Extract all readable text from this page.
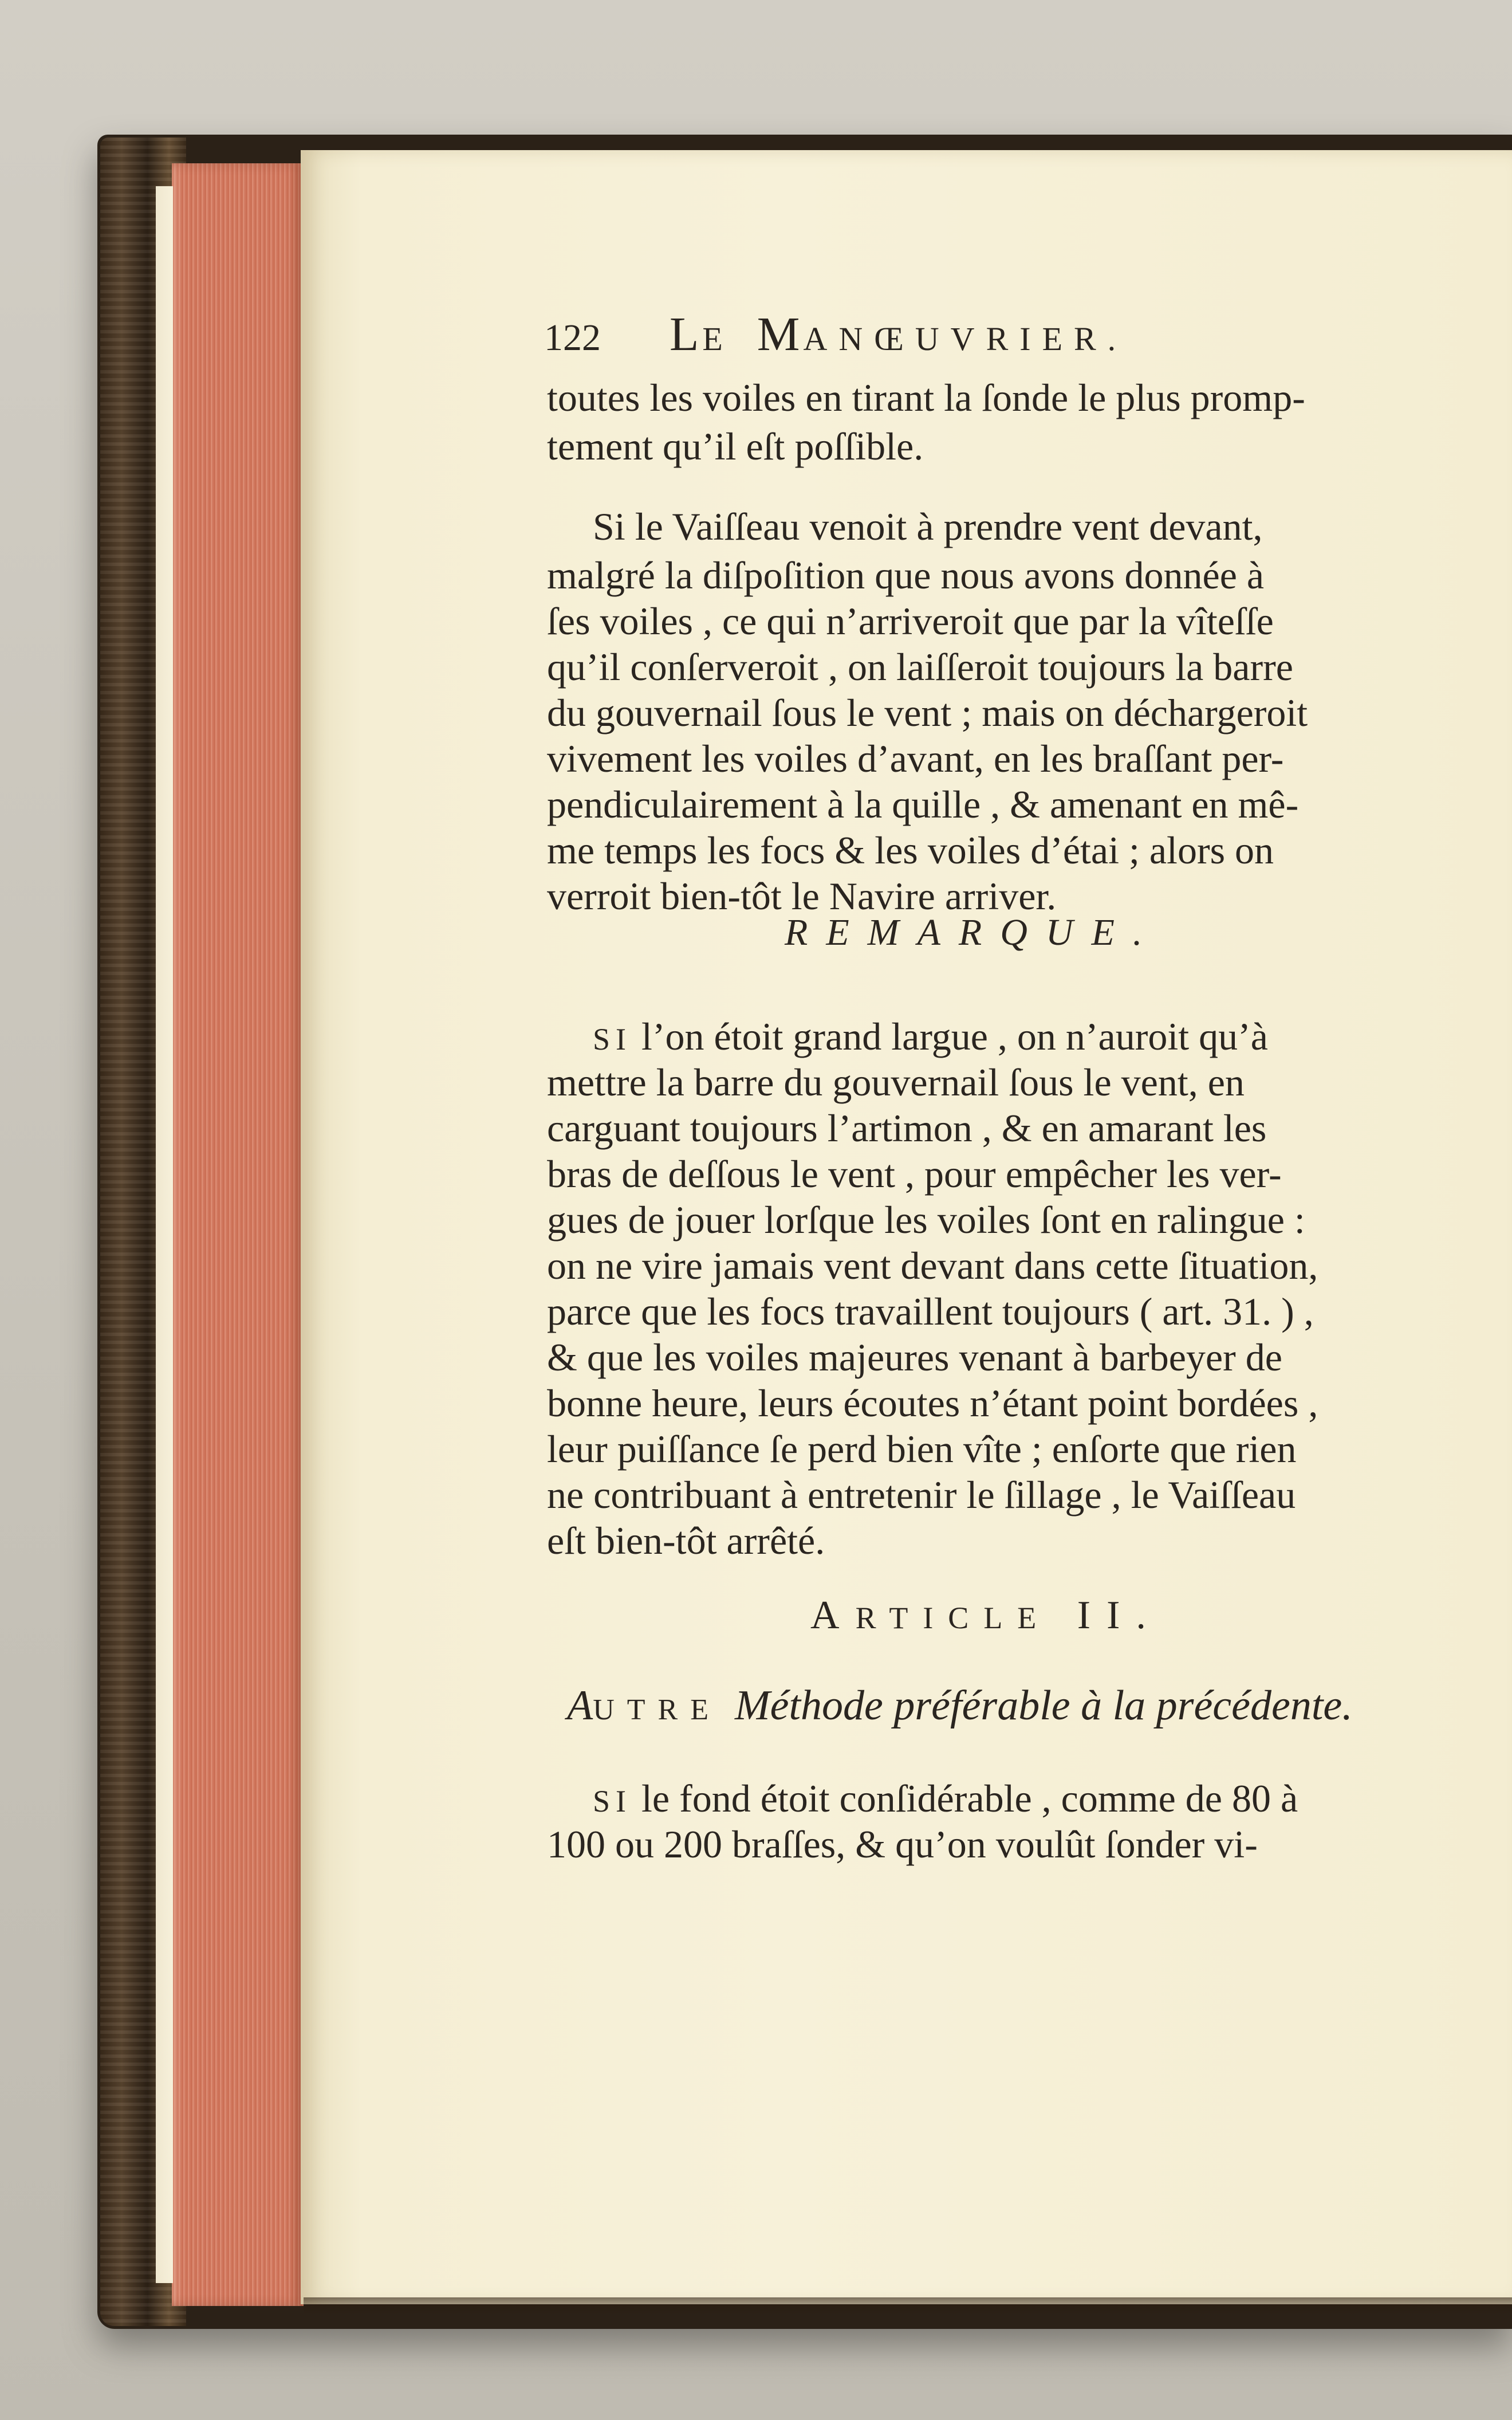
122 LE MANŒUVRIER.
toutes les voiles en tirant la ſonde le plus promp-
tement qu’il eſt poſſible.
Si le Vaiſſeau venoit à prendre vent devant,
malgré la diſpoſition que nous avons donnée à
ſes voiles , ce qui n’arriveroit que par la vîteſſe
qu’il conſerveroit , on laiſſeroit toujours la barre
du gouvernail ſous le vent ; mais on déchargeroit
vivement les voiles d’avant, en les braſſant per-
pendiculairement à la quille , & amenant en mê-
me temps les focs & les voiles d’étai ; alors on
verroit bien-tôt le Navire arriver.
REMARQUE.
SI l’on étoit grand largue , on n’auroit qu’à
mettre la barre du gouvernail ſous le vent, en
carguant toujours l’artimon , & en amarant les
bras de deſſous le vent , pour empêcher les ver-
gues de jouer lorſque les voiles ſont en ralingue :
on ne vire jamais vent devant dans cette ſituation,
parce que les focs travaillent toujours ( art. 31. ) ,
& que les voiles majeures venant à barbeyer de
bonne heure, leurs écoutes n’étant point bordées ,
leur puiſſance ſe perd bien vîte ; enſorte que rien
ne contribuant à entretenir le ſillage , le Vaiſſeau
eſt bien-tôt arrêté.
ARTICLE II.
AUTRE Méthode préférable à la précédente.
SI le fond étoit conſidérable , comme de 80 à
100 ou 200 braſſes, & qu’on voulût ſonder vi-
